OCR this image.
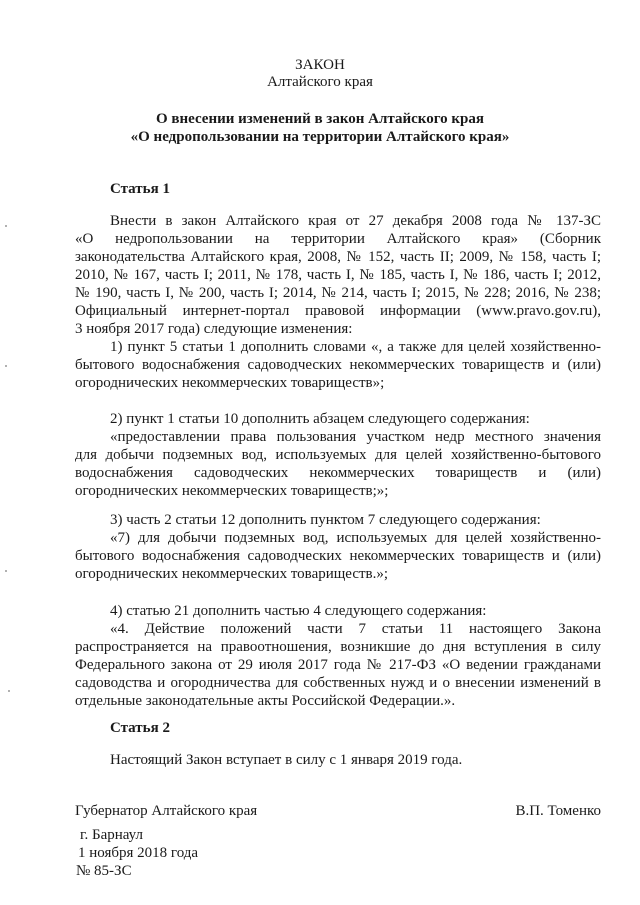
ЗАКОН
Алтайского края
О внесении изменений в закон Алтайского края
«О недропользовании на территории Алтайского края»
Статья 1
Внести в закон Алтайского края от 27 декабря 2008 года № 137-ЗС
«О недропользовании на территории Алтайского края» (Сборник
законодательства Алтайского края, 2008, № 152, часть II; 2009, № 158, часть I;
2010, № 167, часть I; 2011, № 178, часть I, № 185, часть I, № 186, часть I; 2012,
№ 190, часть I, № 200, часть I; 2014, № 214, часть I; 2015, № 228; 2016, № 238;
Официальный интернет-портал правовой информации (www.pravo.gov.ru),
3 ноября 2017 года) следующие изменения:
1) пункт 5 статьи 1 дополнить словами «, а также для целей хозяйственно-
бытового водоснабжения садоводческих некоммерческих товариществ и (или)
огороднических некоммерческих товариществ»;
2) пункт 1 статьи 10 дополнить абзацем следующего содержания:
«предоставлении права пользования участком недр местного значения
для добычи подземных вод, используемых для целей хозяйственно-бытового
водоснабжения садоводческих некоммерческих товариществ и (или)
огороднических некоммерческих товариществ;»;
3) часть 2 статьи 12 дополнить пунктом 7 следующего содержания:
«7) для добычи подземных вод, используемых для целей хозяйственно-
бытового водоснабжения садоводческих некоммерческих товариществ и (или)
огороднических некоммерческих товариществ.»;
4) статью 21 дополнить частью 4 следующего содержания:
«4. Действие положений части 7 статьи 11 настоящего Закона
распространяется на правоотношения, возникшие до дня вступления в силу
Федерального закона от 29 июля 2017 года № 217-ФЗ «О ведении гражданами
садоводства и огородничества для собственных нужд и о внесении изменений в
отдельные законодательные акты Российской Федерации.».
Статья 2
Настоящий Закон вступает в силу с 1 января 2019 года.
Губернатор Алтайского края	В.П. Томенко
г. Барнаул
1 ноября 2018 года
№ 85-ЗС
